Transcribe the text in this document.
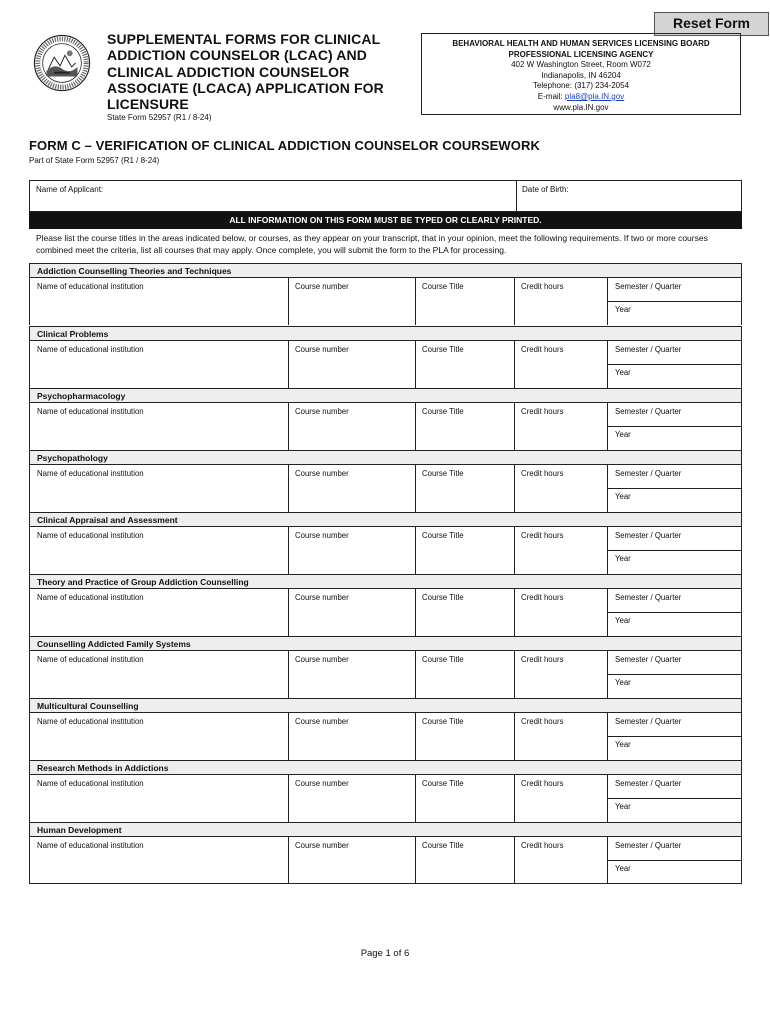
Reset Form
SUPPLEMENTAL FORMS FOR CLINICAL ADDICTION COUNSELOR (LCAC) AND CLINICAL ADDICTION COUNSELOR ASSOCIATE (LCACA) APPLICATION FOR LICENSURE
State Form 52957 (R1 / 8-24)
BEHAVIORAL HEALTH AND HUMAN SERVICES LICENSING BOARD
PROFESSIONAL LICENSING AGENCY
402 W Washington Street, Room W072
Indianapolis, IN 46204
Telephone: (317) 234-2054
E-mail: pla8@pla.IN.gov
www.pla.IN.gov
FORM C – VERIFICATION OF CLINICAL ADDICTION COUNSELOR COURSEWORK
Part of State Form 52957 (R1 / 8-24)
Name of Applicant:	Date of Birth:
ALL INFORMATION ON THIS FORM MUST BE TYPED OR CLEARLY PRINTED.
Please list the course titles in the areas indicated below, or courses, as they appear on your transcript, that in your opinion, meet the following requirements. If two or more courses combined meet the criteria, list all courses that may apply. Once complete, you will submit the form to the PLA for processing.
Addiction Counselling Theories and Techniques
Name of educational institution	Course number	Course Title	Credit hours	Semester / Quarter
Year
Clinical Problems
Name of educational institution	Course number	Course Title	Credit hours	Semester / Quarter
Year
Psychopharmacology
Name of educational institution	Course number	Course Title	Credit hours	Semester / Quarter
Year
Psychopathology
Name of educational institution	Course number	Course Title	Credit hours	Semester / Quarter
Year
Clinical Appraisal and Assessment
Name of educational institution	Course number	Course Title	Credit hours	Semester / Quarter
Year
Theory and Practice of Group Addiction Counselling
Name of educational institution	Course number	Course Title	Credit hours	Semester / Quarter
Year
Counselling Addicted Family Systems
Name of educational institution	Course number	Course Title	Credit hours	Semester / Quarter
Year
Multicultural Counselling
Name of educational institution	Course number	Course Title	Credit hours	Semester / Quarter
Year
Research Methods in Addictions
Name of educational institution	Course number	Course Title	Credit hours	Semester / Quarter
Year
Human Development
Name of educational institution	Course number	Course Title	Credit hours	Semester / Quarter
Year
Page 1 of 6
